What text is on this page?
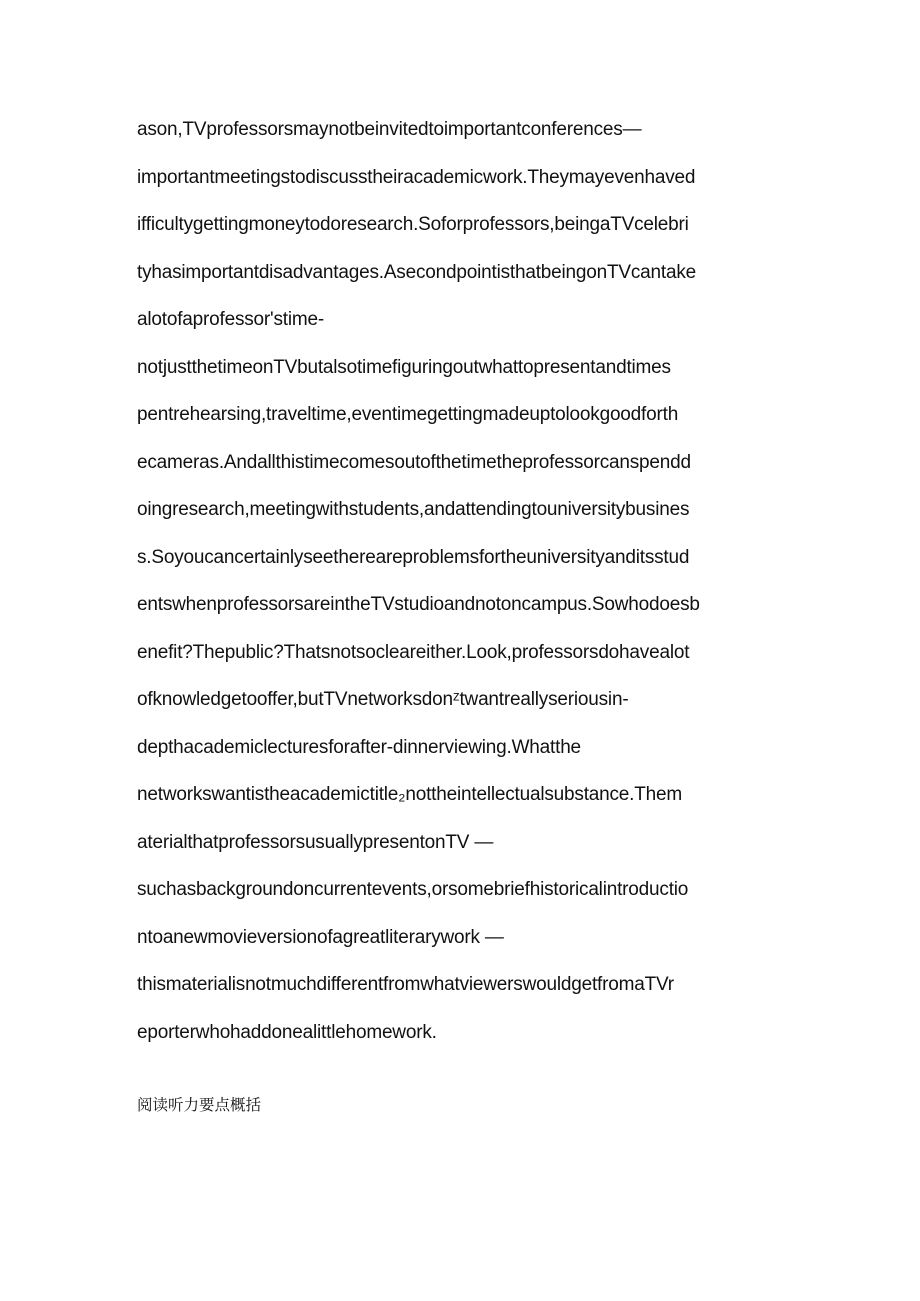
ason,TVprofessorsmaynotbeinvitedtoimportantconferences—
importantmeetingstodiscusstheiracademicwork.Theymayevenhaved
ifficultygettingmoneytodoresearch.Soforprofessors,beingaTVcelebri
tyhasimportantdisadvantages.AsecondpointisthatbeingonTVcantake
alotofaprofessor'stime-
notjustthetimeonTVbutalsotimefiguringoutwhattopresentandtimes
pentrehearsing,traveltime,eventimegettingmadeuptolookgoodforth
ecameras.Andallthistimecomesoutofthetimetheprofessorcanspendd
oingresearch,meetingwithstudents,andattendingtouniversitybusines
s.Soyoucancertainlyseethereareproblemsfortheuniversityanditsstud
entswhenprofessorsareintheTVstudioandnotoncampus.Sowhodoesb
enefit?Thepublic?Thatsnotsoclеareither.Look,professorsdohavealot
ofknowledgetooffer,butTVnetworksdonᶻtwantreallyseriousin-
depthacademiclecturesforafter-dinnerviewing.Whatthe
networkswantistheacademictitle₂nottheintellectualsubstance.Them
aterialthatprofessorsusuallypresentonTV —
suchasbackgroundoncurrentevents,orsomebriefhistoricalintroductio
ntoanewmovieversionofagreatliterarywork —
thismaterialisnotmuchdifferentfromwhatviewerswouldgetfromaTVr
eporterwhohaddonealittlehomework.
阅读听力要点概括
